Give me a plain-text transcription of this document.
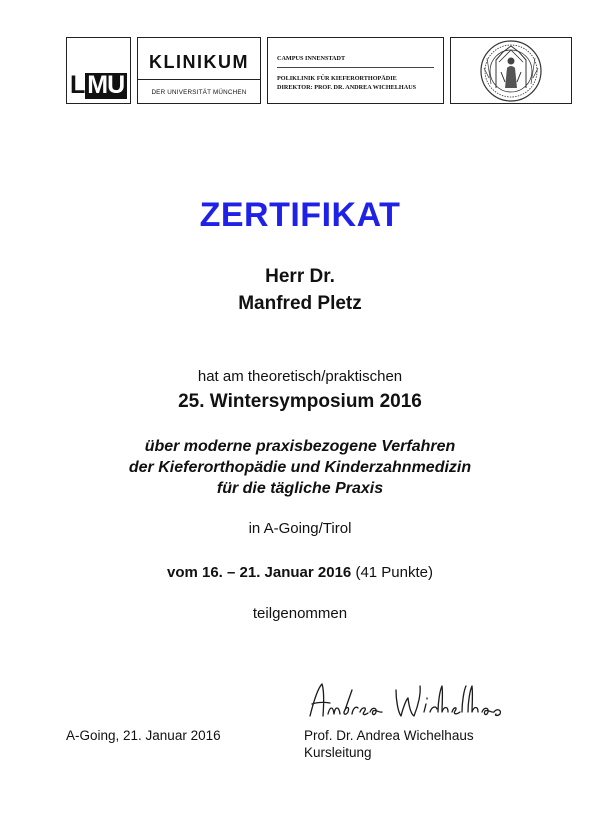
L MU
KLINIKUM
DER UNIVERSITÄT MÜNCHEN
CAMPUS INNENSTADT
POLIKLINIK FÜR KIEFERORTHOPÄDIE
DIREKTOR: PROF. DR. ANDREA WICHELHAUS
ZERTIFIKAT
Herr Dr.
Manfred Pletz
hat am theoretisch/praktischen
25. Wintersymposium 2016
über moderne praxisbezogene Verfahren
der Kieferorthopädie und Kinderzahnmedizin
für die tägliche Praxis
in A-Going/Tirol
vom 16. – 21. Januar 2016 (41 Punkte)
teilgenommen
A-Going, 21. Januar 2016	Prof. Dr. Andrea Wichelhaus
Kursleitung
